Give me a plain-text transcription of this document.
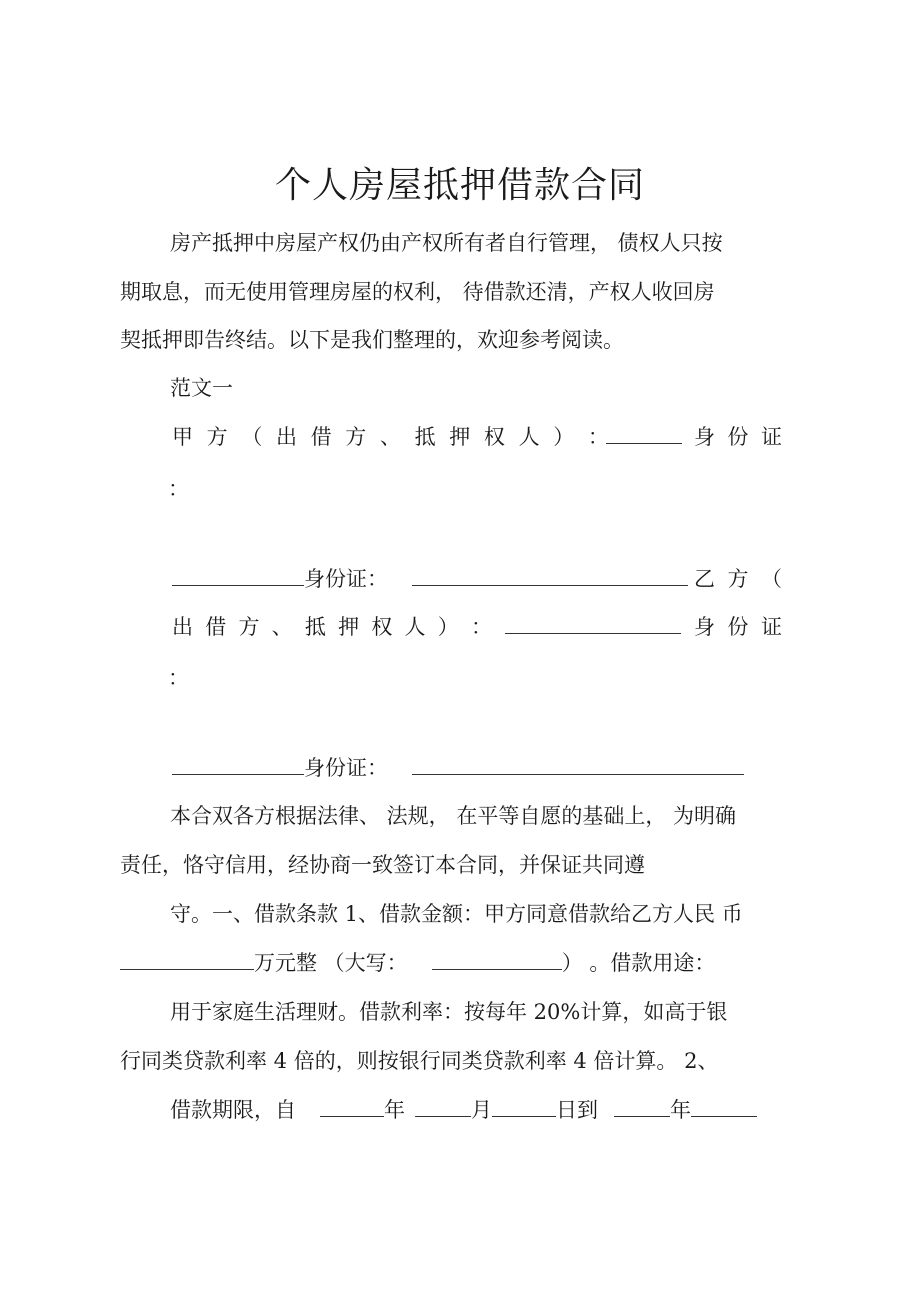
个人房屋抵押借款合同
房产抵押中房屋产权仍由产权所有者自行管理， 债权人只按
期取息，而无使用管理房屋的权利， 待借款还清，产权人收回房
契抵押即告终结。以下是我们整理的，欢迎参考阅读。
范文一
甲 方 （ 出 借 方 、 抵 押 权 人 ） ：	身 份 证
：
身份证：	乙 方 （
出 借 方 、 抵 押 权 人 ） ：	身 份 证
：
身份证：
本合双各方根据法律、 法规， 在平等自愿的基础上， 为明确
责任，恪守信用，经协商一致签订本合同，并保证共同遵
守。一、借款条款 1、借款金额：甲方同意借款给乙方人民 币
万元整 （大写：	） 。借款用途：
用于家庭生活理财。借款利率：按每年 20%计算，如高于银
行同类贷款利率 4 倍的，则按银行同类贷款利率 4 倍计算。 2、
借款期限，自	年	月	日到	年
